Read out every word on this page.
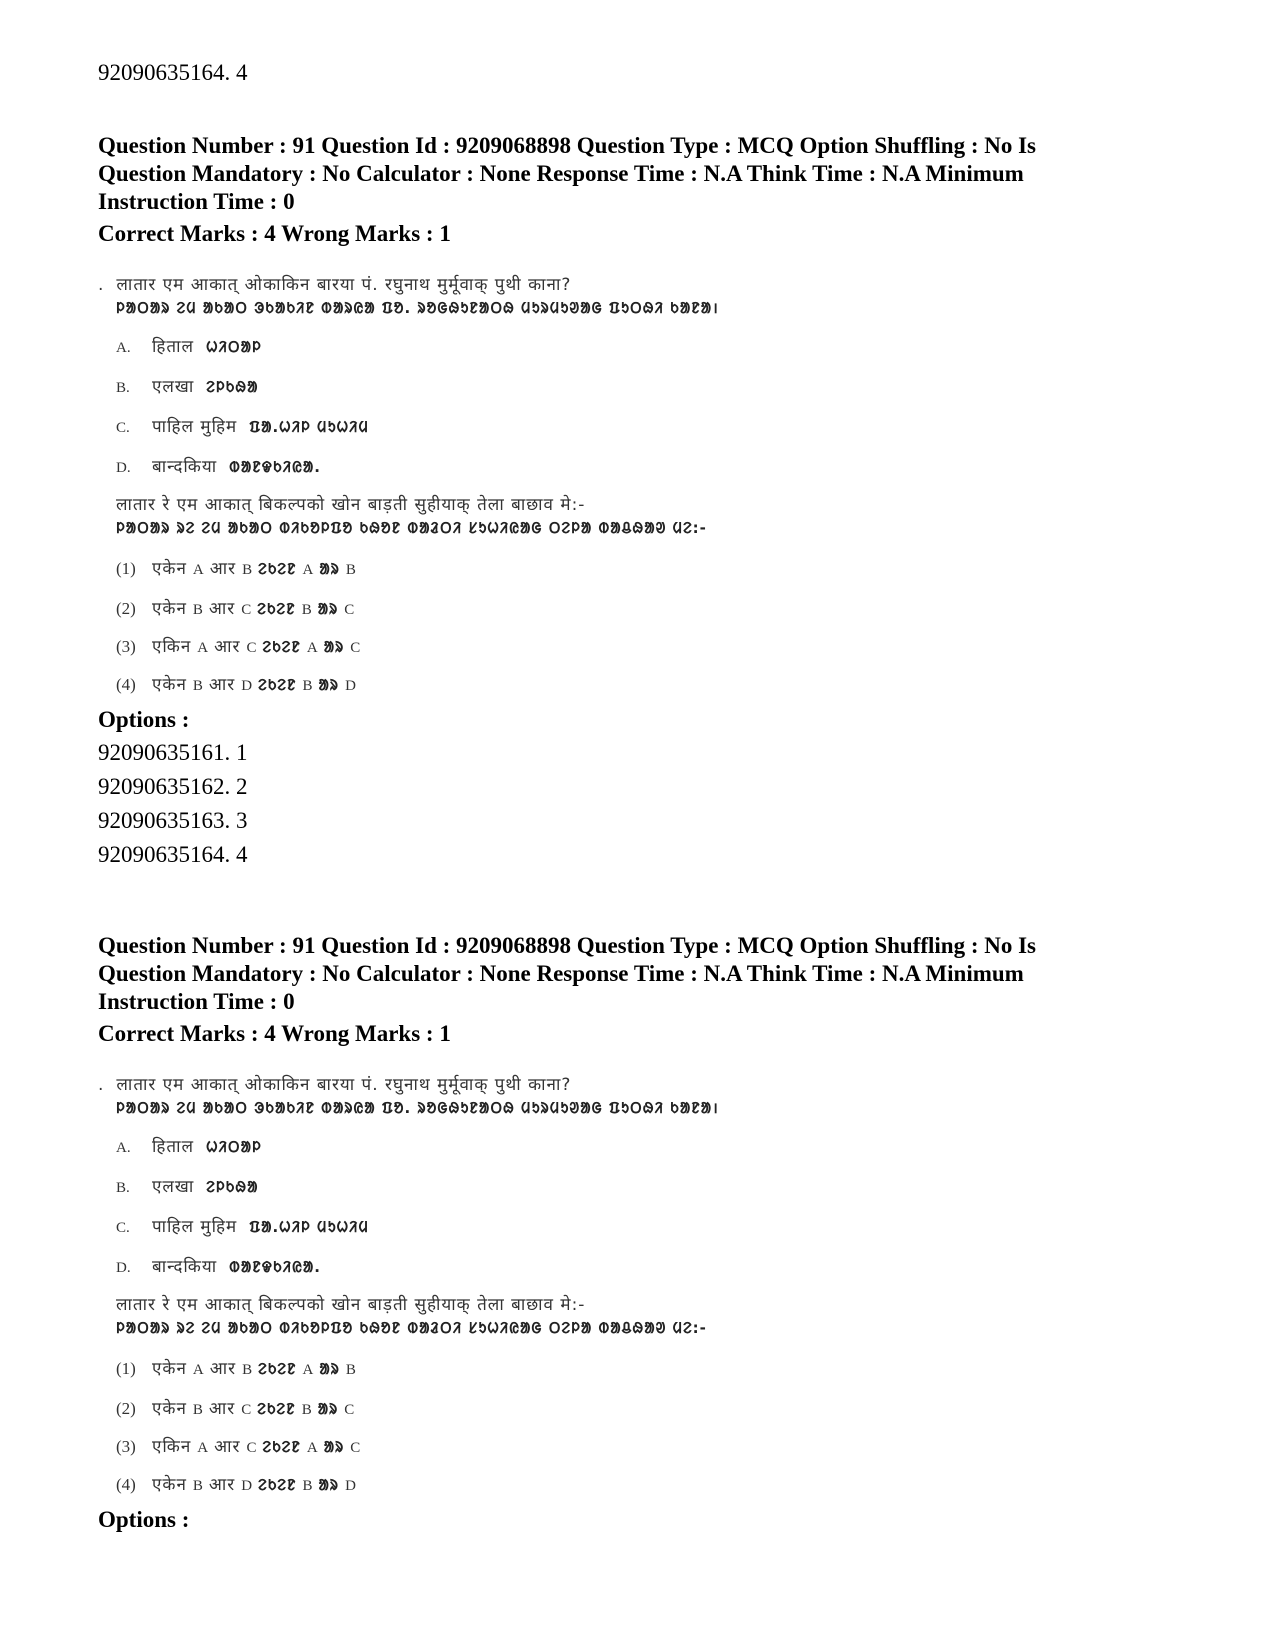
92090635164. 4
Question Number : 91 Question Id : 9209068898 Question Type : MCQ Option Shuffling : No Is Question Mandatory : No Calculator : None Response Time : N.A Think Time : N.A Minimum Instruction Time : 0
Correct Marks : 4 Wrong Marks : 1
. लातार एम आकात् ओकाकिन बारया पं. रघुनाथ मुर्मूवाक् पुथी काना?
ᱞᱟᱛᱟᱨ ᱮᱢ ᱟᱠᱟᱛ ᱳᱠᱟᱠᱤᱱ ᱵᱟᱨᱭᱟ ᱯᱚ. ᱨᱚᱜᱷᱩᱱᱟᱛᱷ ᱢᱩᱨᱢᱩᱣᱟᱜ ᱯᱩᱛᱷᱤ ᱠᱟᱱᱟ।
A. हिताल ᱦᱤᱛᱟᱞ
B. एलखा ᱮᱞᱠᱷᱟ
C. पाहिल मुहिम ᱯᱟ.ᱦᱤᱞ ᱢᱩᱦᱤᱢ
D. बान्दकिया ᱵᱟᱱᱫᱠᱤᱭᱟ.
लातार रे एम आकात् बिकल्पको खोन बाड़ती सुहीयाक् तेला बाछाव मे:-
ᱞᱟᱛᱟᱨ ᱨᱮ ᱮᱢ ᱟᱠᱟᱛ ᱵᱤᱠᱚᱞᱯᱚ ᱠᱷᱚᱱ ᱵᱟᱲᱛᱤ ᱥᱩᱦᱤᱭᱟᱜ ᱛᱮᱞᱟ ᱵᱟᱪᱷᱟᱣ ᱢᱮ:-
(1) एकेन A आर B ᱮᱠᱮᱱ A ᱟᱨ B
(2) एकेन B आर C ᱮᱠᱮᱱ B ᱟᱨ C
(3) एकिन A आर C ᱮᱠᱮᱱ A ᱟᱨ C
(4) एकेन B आर D ᱮᱠᱮᱱ B ᱟᱨ D
Options :
92090635161. 1
92090635162. 2
92090635163. 3
92090635164. 4
Question Number : 91 Question Id : 9209068898 Question Type : MCQ Option Shuffling : No Is Question Mandatory : No Calculator : None Response Time : N.A Think Time : N.A Minimum Instruction Time : 0
Correct Marks : 4 Wrong Marks : 1
. लातार एम आकात् ओकाकिन बारया पं. रघुनाथ मुर्मूवाक् पुथी काना?
ᱞᱟᱛᱟᱨ ᱮᱢ ᱟᱠᱟᱛ ᱳᱠᱟᱠᱤᱱ ᱵᱟᱨᱭᱟ ᱯᱚ. ᱨᱚᱜᱷᱩᱱᱟᱛᱷ ᱢᱩᱨᱢᱩᱣᱟᱜ ᱯᱩᱛᱷᱤ ᱠᱟᱱᱟ।
A. हिताल ᱦᱤᱛᱟᱞ
B. एलखा ᱮᱞᱠᱷᱟ
C. पाहिल मुहिम ᱯᱟ.ᱦᱤᱞ ᱢᱩᱦᱤᱢ
D. बान्दकिया ᱵᱟᱱᱫᱠᱤᱭᱟ.
लातार रे एम आकात् बिकल्पको खोन बाड़ती सुहीयाक् तेला बाछाव मे:-
ᱞᱟᱛᱟᱨ ᱨᱮ ᱮᱢ ᱟᱠᱟᱛ ᱵᱤᱠᱚᱞᱯᱚ ᱠᱷᱚᱱ ᱵᱟᱲᱛᱤ ᱥᱩᱦᱤᱭᱟᱜ ᱛᱮᱞᱟ ᱵᱟᱪᱷᱟᱣ ᱢᱮ:-
(1) एकेन A आर B ᱮᱠᱮᱱ A ᱟᱨ B
(2) एकेन B आर C ᱮᱠᱮᱱ B ᱟᱨ C
(3) एकिन A आर C ᱮᱠᱮᱱ A ᱟᱨ C
(4) एकेन B आर D ᱮᱠᱮᱱ B ᱟᱨ D
Options :
